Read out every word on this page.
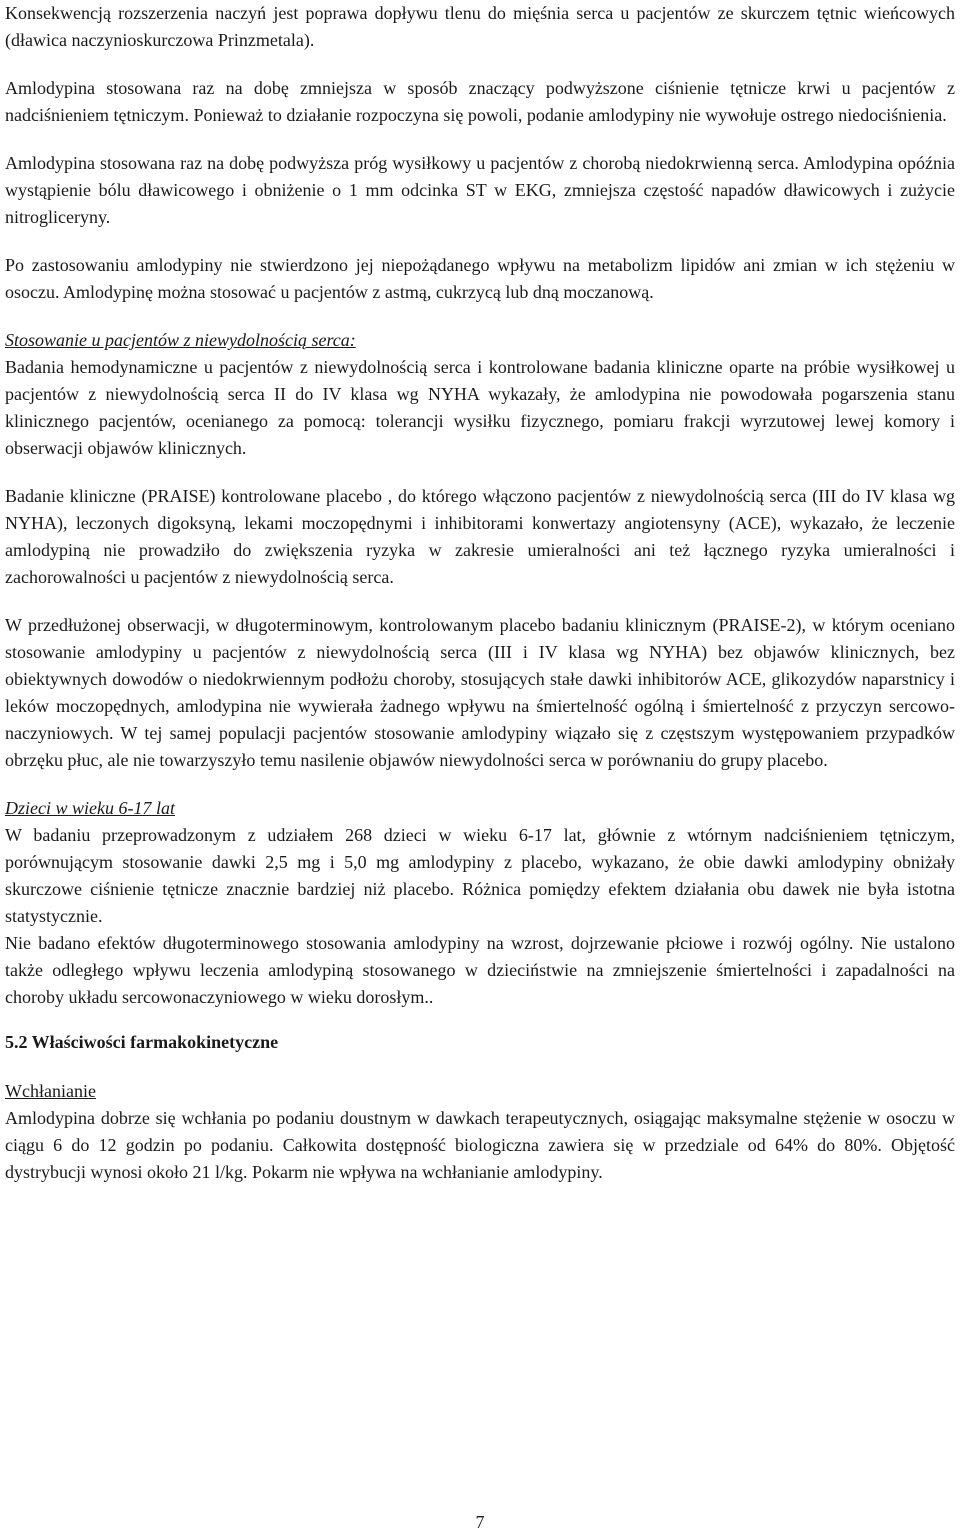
Konsekwencją rozszerzenia naczyń jest poprawa dopływu tlenu do mięśnia serca u pacjentów ze skurczem tętnic wieńcowych (dławica naczynioskurczowa Prinzmetala).

Amlodypina stosowana raz na dobę zmniejsza w sposób znaczący podwyższone ciśnienie tętnicze krwi u pacjentów z nadciśnieniem tętniczym. Ponieważ to działanie rozpoczyna się powoli, podanie amlodypiny nie wywołuje ostrego niedociśnienia.

Amlodypina stosowana raz na dobę podwyższa próg wysiłkowy u pacjentów z chorobą niedokrwienną serca. Amlodypina opóźnia wystąpienie bólu dławicowego i obniżenie o 1 mm odcinka ST w EKG, zmniejsza częstość napadów dławicowych i zużycie nitrogliceryny.

Po zastosowaniu amlodypiny nie stwierdzono jej niepożądanego wpływu na metabolizm lipidów ani zmian w ich stężeniu w osoczu. Amlodypinę można stosować u pacjentów z astmą, cukrzycą lub dną moczanową.

Stosowanie u pacjentów z niewydolnością serca:

Badania hemodynamiczne u pacjentów z niewydolnością serca i kontrolowane badania kliniczne oparte na próbie wysiłkowej u pacjentów z niewydolnością serca II do IV klasa wg NYHA wykazały, że amlodypina nie powodowała pogarszenia stanu klinicznego pacjentów, ocenianego za pomocą: tolerancji wysiłku fizycznego, pomiaru frakcji wyrzutowej lewej komory i obserwacji objawów klinicznych.

Badanie kliniczne (PRAISE) kontrolowane placebo , do którego włączono pacjentów z niewydolnością serca (III do IV klasa wg NYHA), leczonych digoksyną, lekami moczopędnymi i inhibitorami konwertazy angiotensyny (ACE), wykazało, że leczenie amlodypiną nie prowadziło do zwiększenia ryzyka w zakresie umieralności ani też łącznego ryzyka umieralności i zachorowalności u pacjentów z niewydolnością serca.

W przedłużonej obserwacji, w długoterminowym, kontrolowanym placebo badaniu klinicznym (PRAISE-2), w którym oceniano stosowanie amlodypiny u pacjentów z niewydolnością serca (III i IV klasa wg NYHA) bez objawów klinicznych, bez obiektywnych dowodów o niedokrwiennym podłożu choroby, stosujących stałe dawki inhibitorów ACE, glikozydów naparstnicy i leków moczopędnych, amlodypina nie wywierała żadnego wpływu na śmiertelność ogólną i śmiertelność z przyczyn sercowo-naczyniowych. W tej samej populacji pacjentów stosowanie amlodypiny wiązało się z częstszym występowaniem przypadków obrzęku płuc, ale nie towarzyszyło temu nasilenie objawów niewydolności serca w porównaniu do grupy placebo.

Dzieci w wieku 6-17 lat

W badaniu przeprowadzonym z udziałem 268 dzieci w wieku 6-17 lat, głównie z wtórnym nadciśnieniem tętniczym, porównującym stosowanie dawki 2,5 mg i 5,0 mg amlodypiny z placebo, wykazano, że obie dawki amlodypiny obniżały skurczowe ciśnienie tętnicze znacznie bardziej niż placebo. Różnica pomiędzy efektem działania obu dawek nie była istotna statystycznie.

Nie badano efektów długoterminowego stosowania amlodypiny na wzrost, dojrzewanie płciowe i rozwój ogólny. Nie ustalono także odległego wpływu leczenia amlodypiną stosowanego w dzieciństwie na zmniejszenie śmiertelności i zapadalności na choroby układu sercowonaczyniowego w wieku dorosłym..

5.2 Właściwości farmakokinetyczne
Wchłanianie

Amlodypina dobrze się wchłania po podaniu doustnym w dawkach terapeutycznych, osiągając maksymalne stężenie w osoczu w ciągu 6 do 12 godzin po podaniu. Całkowita dostępność biologiczna zawiera się w przedziale od 64% do 80%. Objętość dystrybucji wynosi około 21 l/kg. Pokarm nie wpływa na wchłanianie amlodypiny.

7
